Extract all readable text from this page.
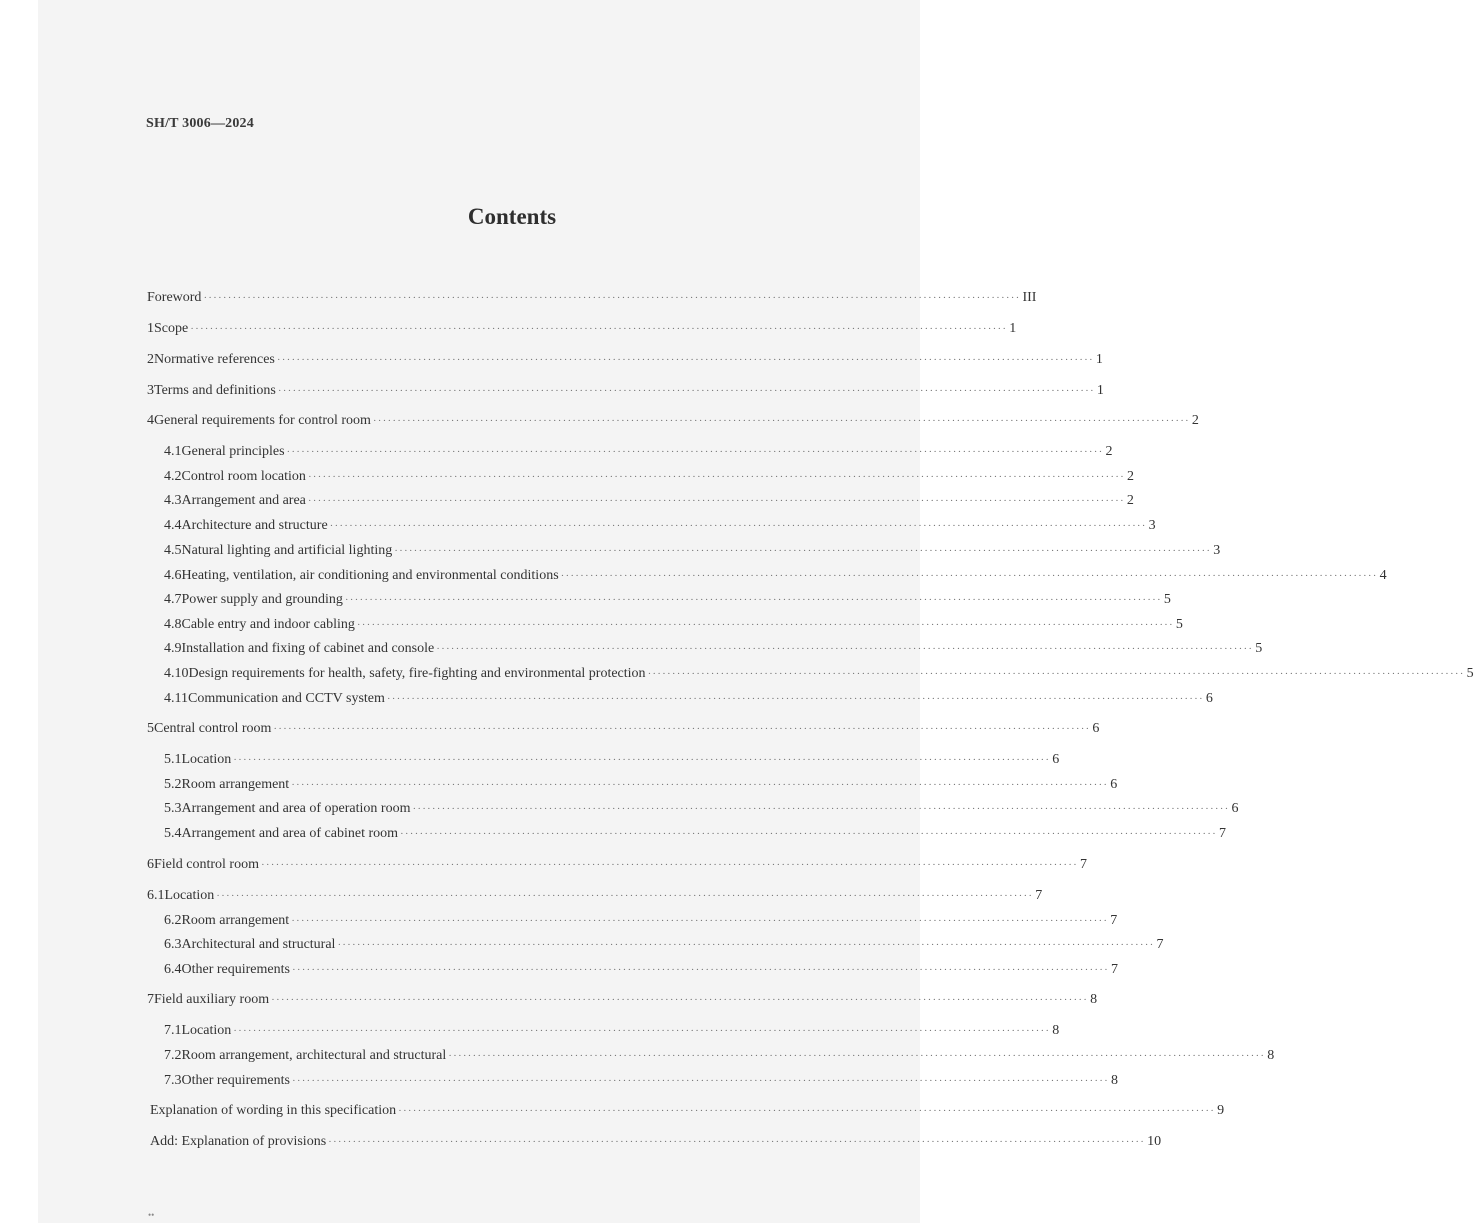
SH/T 3006—2024
Contents
Foreword ········································································································································································ III
1 Scope ········································································································································································ 1
2 Normative references ········································································································································································ 1
3 Terms and definitions ········································································································································································ 1
4 General requirements for control room ········································································································································································ 2
4.1 General principles ········································································································································································ 2
4.2 Control room location ········································································································································································ 2
4.3 Arrangement and area ········································································································································································ 2
4.4 Architecture and structure ········································································································································································ 3
4.5 Natural lighting and artificial lighting ········································································································································································ 3
4.6 Heating, ventilation, air conditioning and environmental conditions ········································································································································································ 4
4.7 Power supply and grounding ········································································································································································ 5
4.8 Cable entry and indoor cabling ········································································································································································ 5
4.9 Installation and fixing of cabinet and console ········································································································································································ 5
4.10 Design requirements for health, safety, fire-fighting and environmental protection ········································································································································································ 5
4.11 Communication and CCTV system ········································································································································································ 6
5 Central control room ········································································································································································ 6
5.1 Location ········································································································································································ 6
5.2 Room arrangement ········································································································································································ 6
5.3 Arrangement and area of operation room ········································································································································································ 6
5.4 Arrangement and area of cabinet room ········································································································································································ 7
6 Field control room ········································································································································································ 7
6.1 Location ········································································································································································ 7
6.2 Room arrangement ········································································································································································ 7
6.3 Architectural and structural ········································································································································································ 7
6.4 Other requirements ········································································································································································ 7
7 Field auxiliary room ········································································································································································ 8
7.1 Location ········································································································································································ 8
7.2 Room arrangement, architectural and structural ········································································································································································ 8
7.3 Other requirements ········································································································································································ 8
Explanation of wording in this specification ········································································································································································ 9
Add: Explanation of provisions ········································································································································································ 10
••
